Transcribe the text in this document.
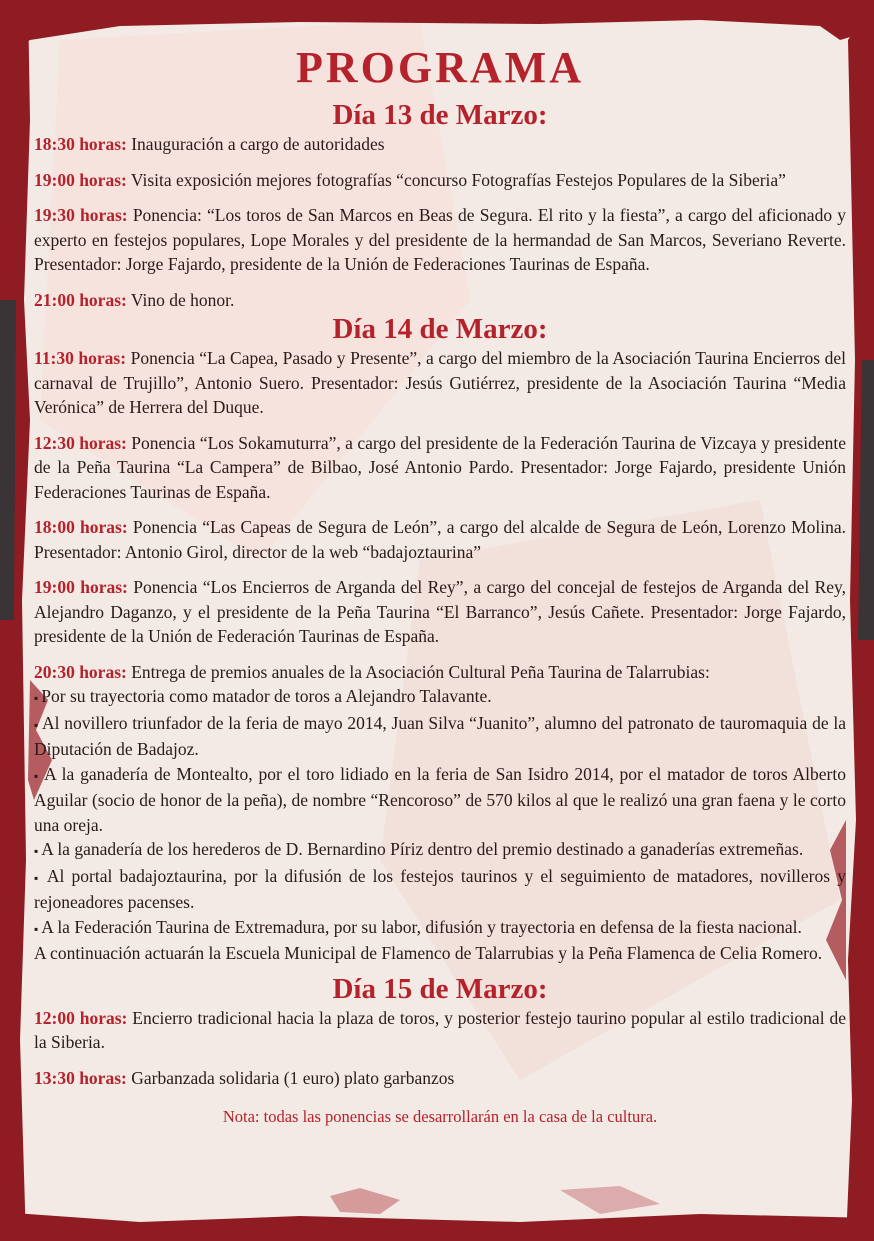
PROGRAMA
Día 13 de Marzo:

18:30 horas: Inauguración a cargo de autoridades

19:00 horas: Visita exposición mejores fotografías “concurso Fotografías Festejos Populares de la Siberia”

19:30 horas: Ponencia: “Los toros de San Marcos en Beas de Segura. El rito y la fiesta”, a cargo del aficionado y experto en festejos populares, Lope Morales y del presidente de la hermandad de San Marcos, Severiano Reverte. Presentador: Jorge Fajardo, presidente de la Unión de Federaciones Taurinas de España.

21:00 horas: Vino de honor.

Día 14 de Marzo:

11:30 horas: Ponencia “La Capea, Pasado y Presente”, a cargo del miembro de la Asociación Taurina Encierros del carnaval de Trujillo”, Antonio Suero. Presentador: Jesús Gutiérrez, presidente de la Asociación Taurina “Media Verónica” de Herrera del Duque.

12:30 horas: Ponencia “Los Sokamuturra”, a cargo del presidente de la Federación Taurina de Vizcaya y presidente de la Peña Taurina “La Campera” de Bilbao, José Antonio Pardo. Presentador: Jorge Fajardo, presidente Unión Federaciones Taurinas de España.

18:00 horas: Ponencia “Las Capeas de Segura de León”, a cargo del alcalde de Segura de León, Lorenzo Molina. Presentador: Antonio Girol, director de la web “badajoztaurina”

19:00 horas: Ponencia “Los Encierros de Arganda del Rey”, a cargo del concejal de festejos de Arganda del Rey, Alejandro Daganzo, y el presidente de la Peña Taurina “El Barranco”, Jesús Cañete. Presentador: Jorge Fajardo, presidente de la Unión de Federación Taurinas de España.

20:30 horas: Entrega de premios anuales de la Asociación Cultural Peña Taurina de Talarrubias:

▪ Por su trayectoria como matador de toros a Alejandro Talavante.
▪ Al novillero triunfador de la feria de mayo 2014, Juan Silva “Juanito”, alumno del patronato de tauromaquia de la Diputación de Badajoz.
▪ A la ganadería de Montealto, por el toro lidiado en la feria de San Isidro 2014, por el matador de toros Alberto Aguilar (socio de honor de la peña), de nombre “Rencoroso” de 570 kilos al que le realizó una gran faena y le corto una oreja.
▪ A la ganadería de los herederos de D. Bernardino Píriz dentro del premio destinado a ganaderías extremeñas.
▪ Al portal badajoztaurina, por la difusión de los festejos taurinos y el seguimiento de matadores, novilleros y rejoneadores pacenses.
▪ A la Federación Taurina de Extremadura, por su labor, difusión y trayectoria en defensa de la fiesta nacional.

A continuación actuarán la Escuela Municipal de Flamenco de Talarrubias y la Peña Flamenca de Celia Romero.

Día 15 de Marzo:

12:00 horas: Encierro tradicional hacia la plaza de toros, y posterior festejo taurino popular al estilo tradicional de la Siberia.

13:30 horas: Garbanzada solidaria (1 euro) plato garbanzos

Nota: todas las ponencias se desarrollarán en la casa de la cultura.
